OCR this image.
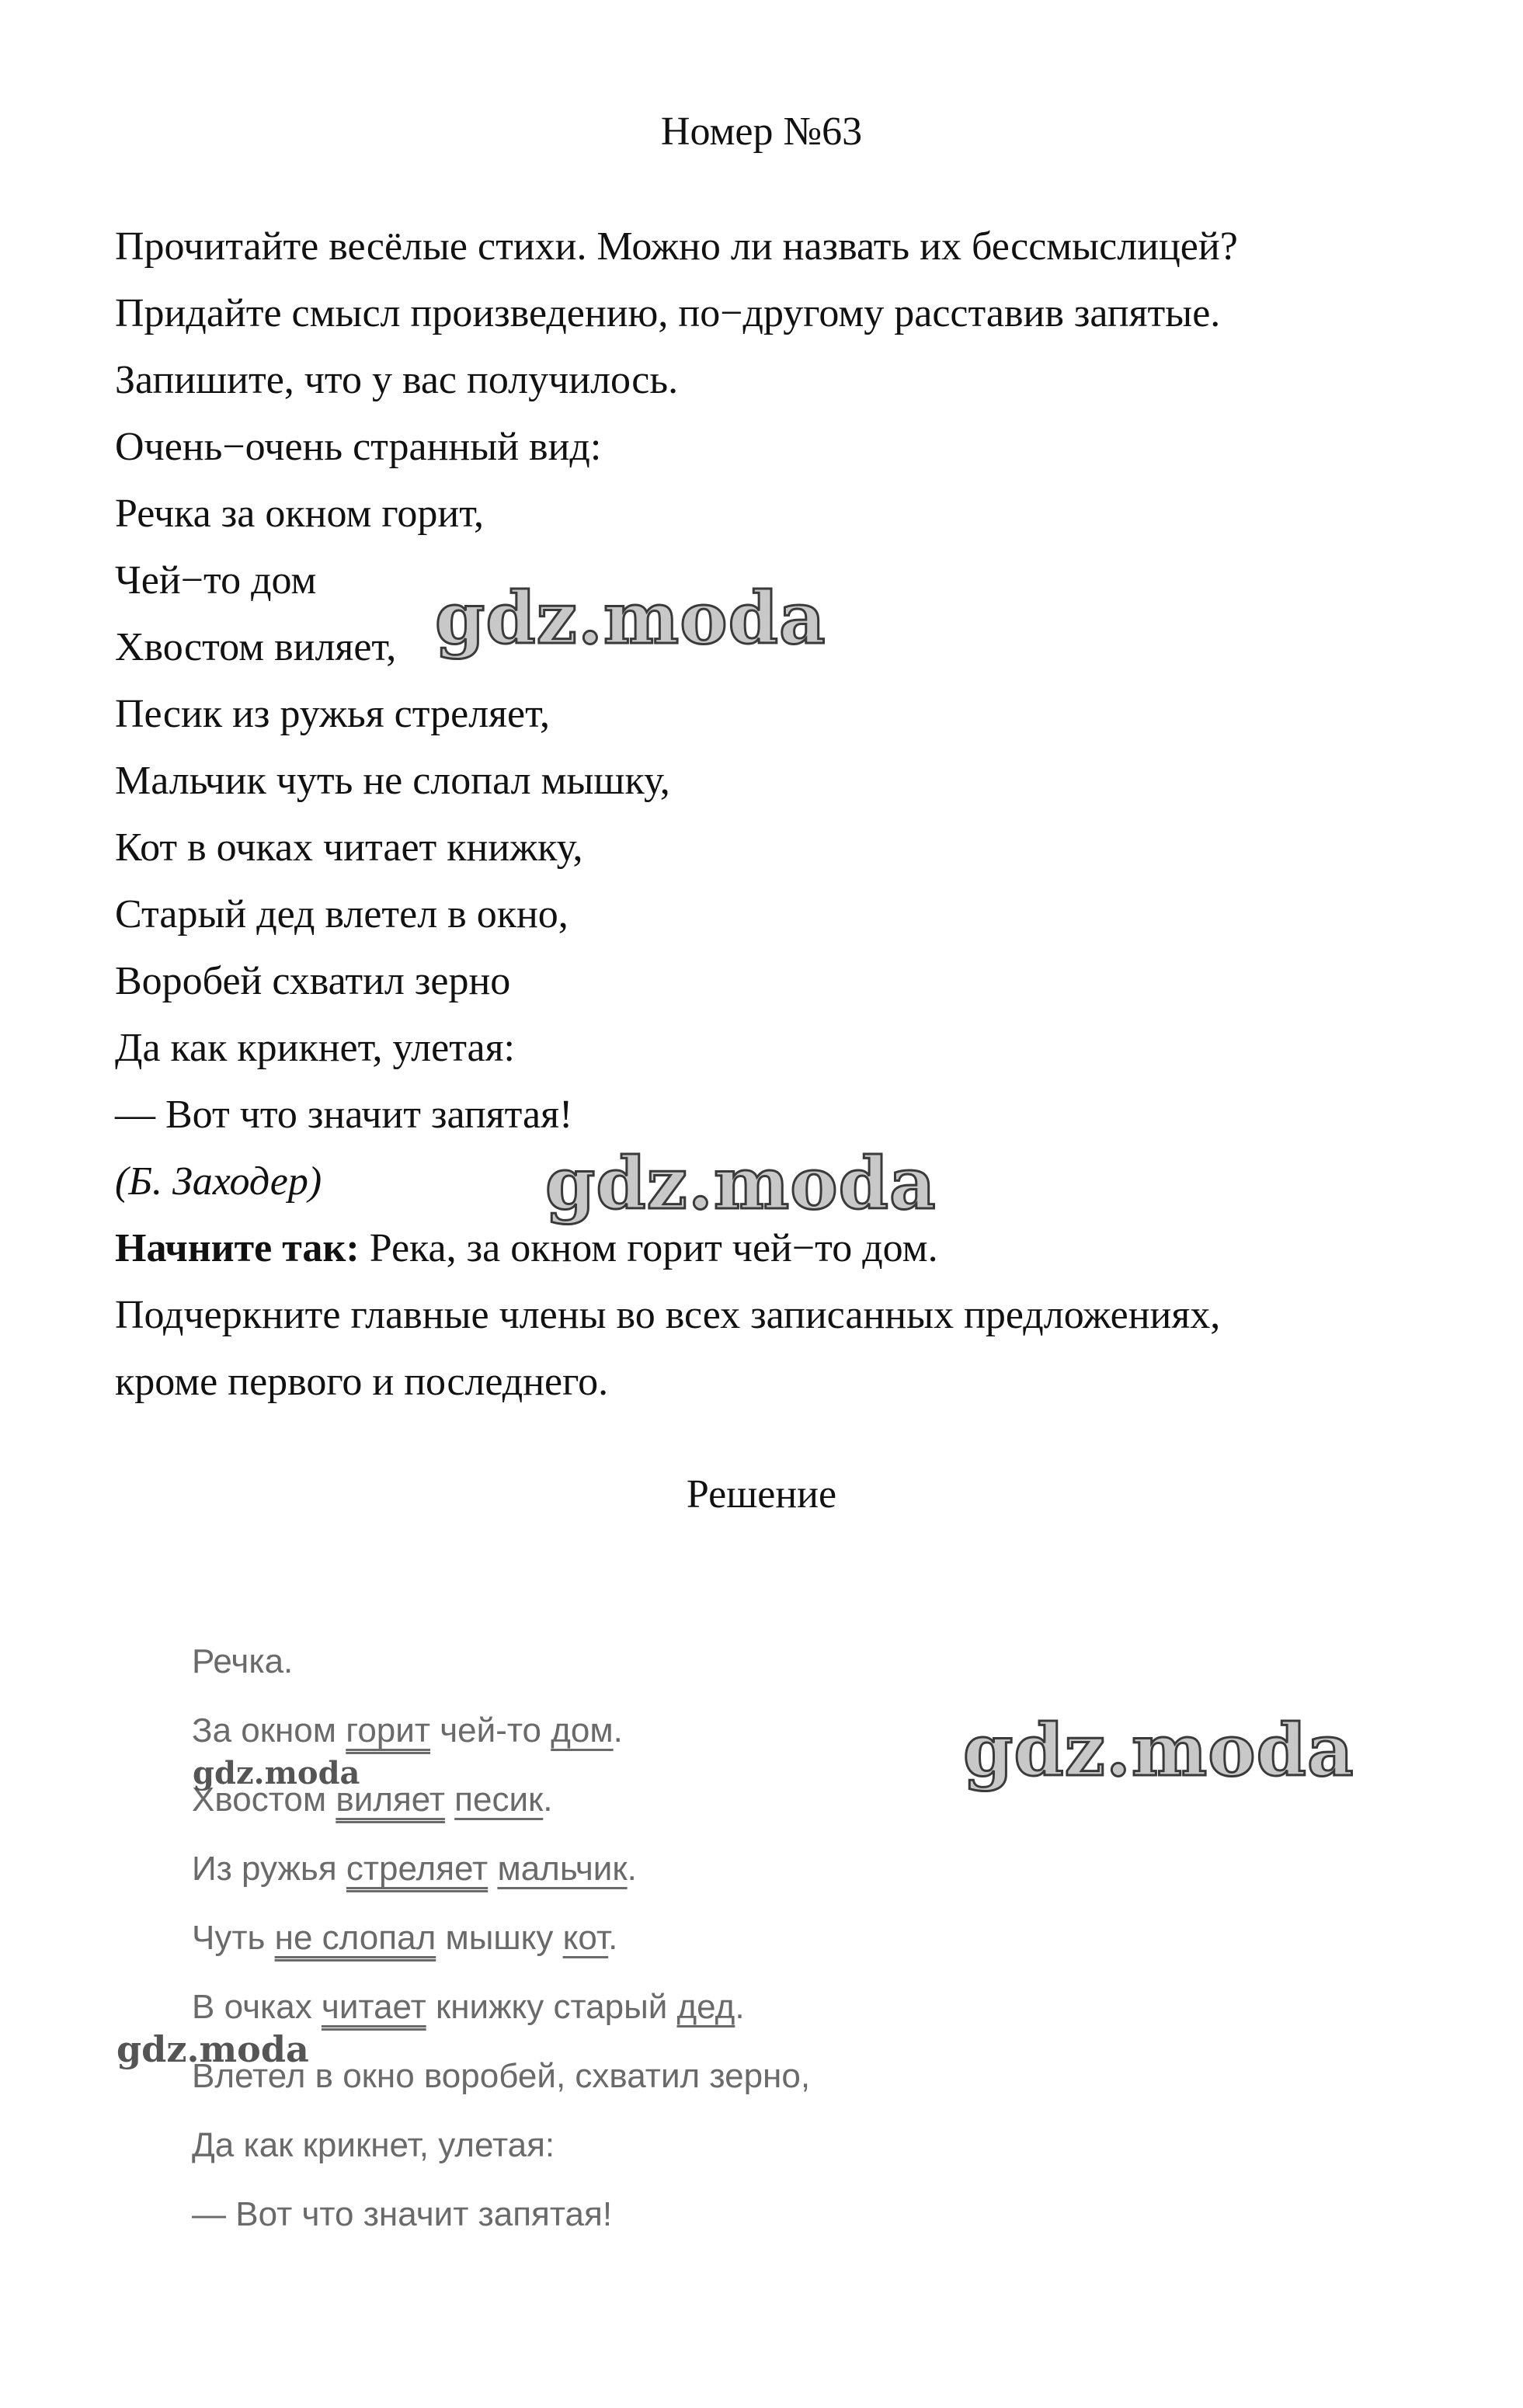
Номер №63
Прочитайте весёлые стихи. Можно ли назвать их бессмыслицей?
Придайте смысл произведению, по−другому расставив запятые.
Запишите, что у вас получилось.
Очень−очень странный вид:
Речка за окном горит,
Чей−то дом
Хвостом виляет,
Песик из ружья стреляет,
Мальчик чуть не слопал мышку,
Кот в очках читает книжку,
Старый дед влетел в окно,
Воробей схватил зерно
Да как крикнет, улетая:
— Вот что значит запятая!
(Б. Заходер)
Начните так: Река, за окном горит чей−то дом.
Подчеркните главные члены во всех записанных предложениях,
кроме первого и последнего.
Решение
Речка.
За окном горит чей-то дом.
Хвостом виляет песик.
Из ружья стреляет мальчик.
Чуть не слопал мышку кот.
В очках читает книжку старый дед.
Влетел в окно воробей, схватил зерно,
Да как крикнет, улетая:
— Вот что значит запятая!
gdz.moda
gdz.moda
gdz.moda
gdz.moda
gdz.moda
